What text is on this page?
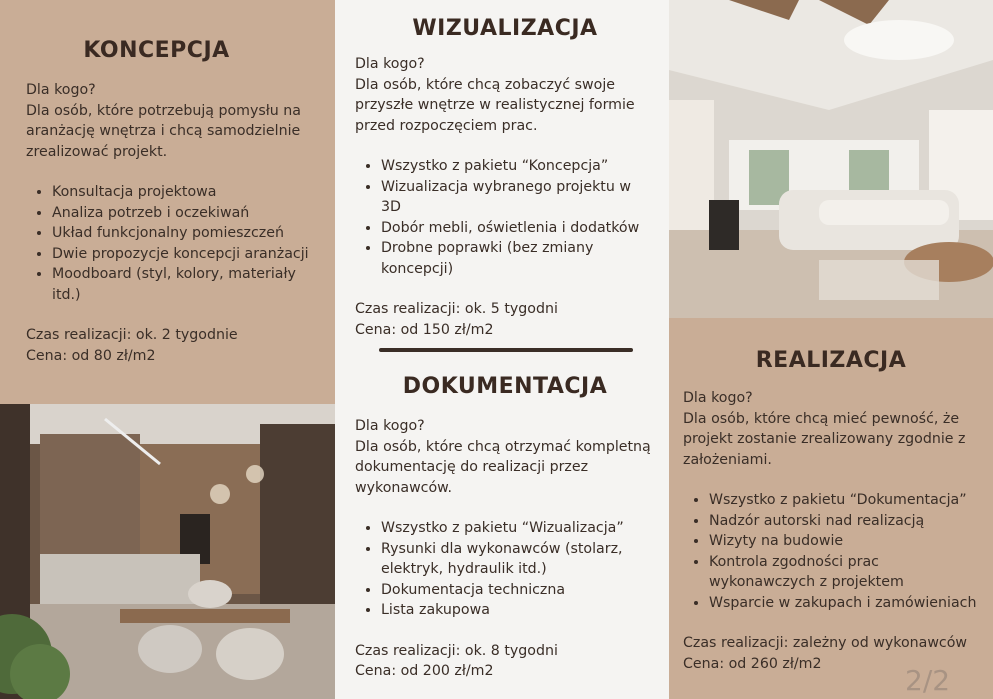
KONCEPCJA

Dla kogo?

Dla osób, które potrzebują pomysłu na aranżację wnętrza i chcą samodzielnie zrealizować projekt.

• Konsultacja projektowa
• Analiza potrzeb i oczekiwań
• Układ funkcjonalny pomieszczeń
• Dwie propozycje koncepcji aranżacji
• Moodboard (styl, kolory, materiały itd.)

Czas realizacji: ok. 2 tygodnie

Cena: od 80 zł/m2

WIZUALIZACJA

Dla kogo?

Dla osób, które chcą zobaczyć swoje przyszłe wnętrze w realistycznej formie przed rozpoczęciem prac.

• Wszystko z pakietu “Koncepcja”
• Wizualizacja wybranego projektu w 3D
• Dobór mebli, oświetlenia i dodatków
• Drobne poprawki (bez zmiany koncepcji)

Czas realizacji: ok. 5 tygodni

Cena: od 150 zł/m2

DOKUMENTACJA

Dla kogo?

Dla osób, które chcą otrzymać kompletną dokumentację do realizacji przez wykonawców.

• Wszystko z pakietu “Wizualizacja”
• Rysunki dla wykonawców (stolarz, elektryk, hydraulik itd.)
• Dokumentacja techniczna
• Lista zakupowa

Czas realizacji: ok. 8 tygodni

Cena: od 200 zł/m2

REALIZACJA

Dla kogo?

Dla osób, które chcą mieć pewność, że projekt zostanie zrealizowany zgodnie z założeniami.

• Wszystko z pakietu “Dokumentacja”
• Nadzór autorski nad realizacją
• Wizyty na budowie
• Kontrola zgodności prac wykonawczych z projektem
• Wsparcie w zakupach i zamówieniach

Czas realizacji: zależny od wykonawców

Cena: od 260 zł/m2

2/2
